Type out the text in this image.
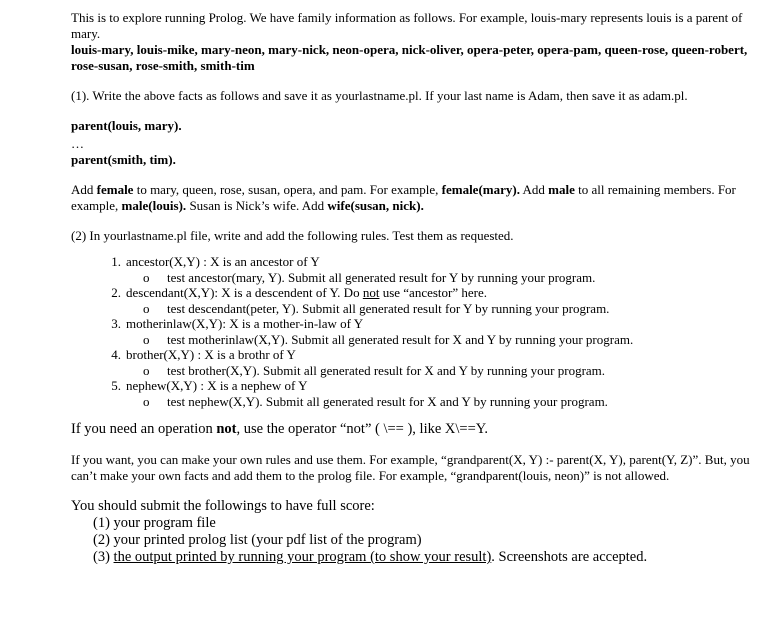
This is to explore running Prolog. We have family information as follows. For example, louis-mary represents louis is a parent of mary.

louis-mary, louis-mike, mary-neon, mary-nick, neon-opera, nick-oliver, opera-peter, opera-pam, queen-rose, queen-robert, rose-susan, rose-smith, smith-tim

(1). Write the above facts as follows and save it as yourlastname.pl. If your last name is Adam, then save it as adam.pl.

parent(louis, mary).

…

parent(smith, tim).

Add female to mary, queen, rose, susan, opera, and pam. For example, female(mary). Add male to all remaining members. For example, male(louis). Susan is Nick’s wife. Add wife(susan, nick).

(2) In yourlastname.pl file, write and add the following rules. Test them as requested.

1. ancestor(X,Y) : X is an ancestor of Y
o test ancestor(mary, Y). Submit all generated result for Y by running your program.
2. descendant(X,Y): X is a descendent of Y. Do not use “ancestor” here.
o test descendant(peter, Y). Submit all generated result for Y by running your program.
3. motherinlaw(X,Y): X is a mother-in-law of Y
o test motherinlaw(X,Y). Submit all generated result for X and Y by running your program.
4. brother(X,Y) : X is a brothr of Y
o test brother(X,Y). Submit all generated result for X and Y by running your program.
5. nephew(X,Y) : X is a nephew of Y
o test nephew(X,Y). Submit all generated result for X and Y by running your program.

If you need an operation not, use the operator “not” ( \== ), like X\==Y.

If you want, you can make your own rules and use them. For example, “grandparent(X, Y) :- parent(X, Y), parent(Y, Z)”. But, you can’t make your own facts and add them to the prolog file. For example, “grandparent(louis, neon)” is not allowed.

You should submit the followings to have full score:

(1) your program file

(2) your printed prolog list (your pdf list of the program)

(3) the output printed by running your program (to show your result). Screenshots are accepted.
